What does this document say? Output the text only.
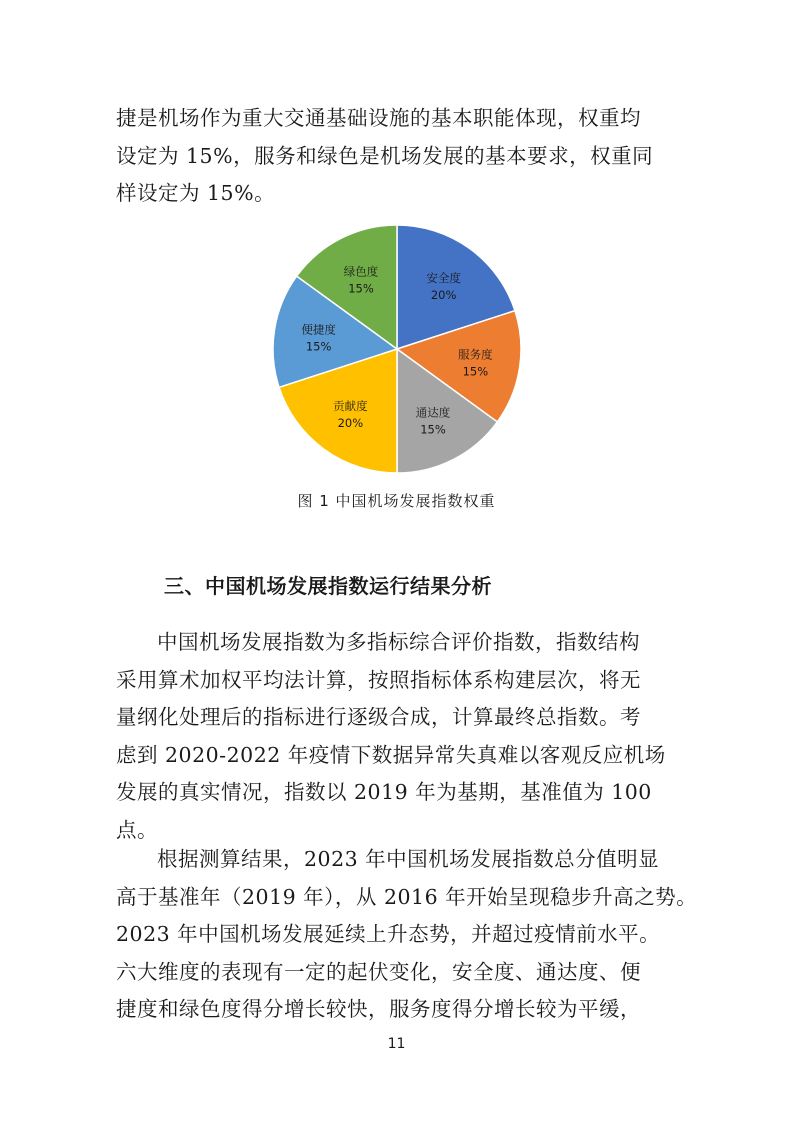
捷是机场作为重大交通基础设施的基本职能体现，权重均
设定为 15%，服务和绿色是机场发展的基本要求，权重同
样设定为 15%。
安全度
20%
服务度
15%
通达度
15%
贡献度
20%
便捷度
15%
绿色度
15%
图 1 中国机场发展指数权重
三、中国机场发展指数运行结果分析
中国机场发展指数为多指标综合评价指数，指数结构
采用算术加权平均法计算，按照指标体系构建层次，将无
量纲化处理后的指标进行逐级合成，计算最终总指数。考
虑到 2020-2022 年疫情下数据异常失真难以客观反应机场
发展的真实情况，指数以 2019 年为基期，基准值为 100
点。
根据测算结果，2023 年中国机场发展指数总分值明显
高于基准年（2019 年），从 2016 年开始呈现稳步升高之势。
2023 年中国机场发展延续上升态势，并超过疫情前水平。
六大维度的表现有一定的起伏变化，安全度、通达度、便
捷度和绿色度得分增长较快，服务度得分增长较为平缓，
11
